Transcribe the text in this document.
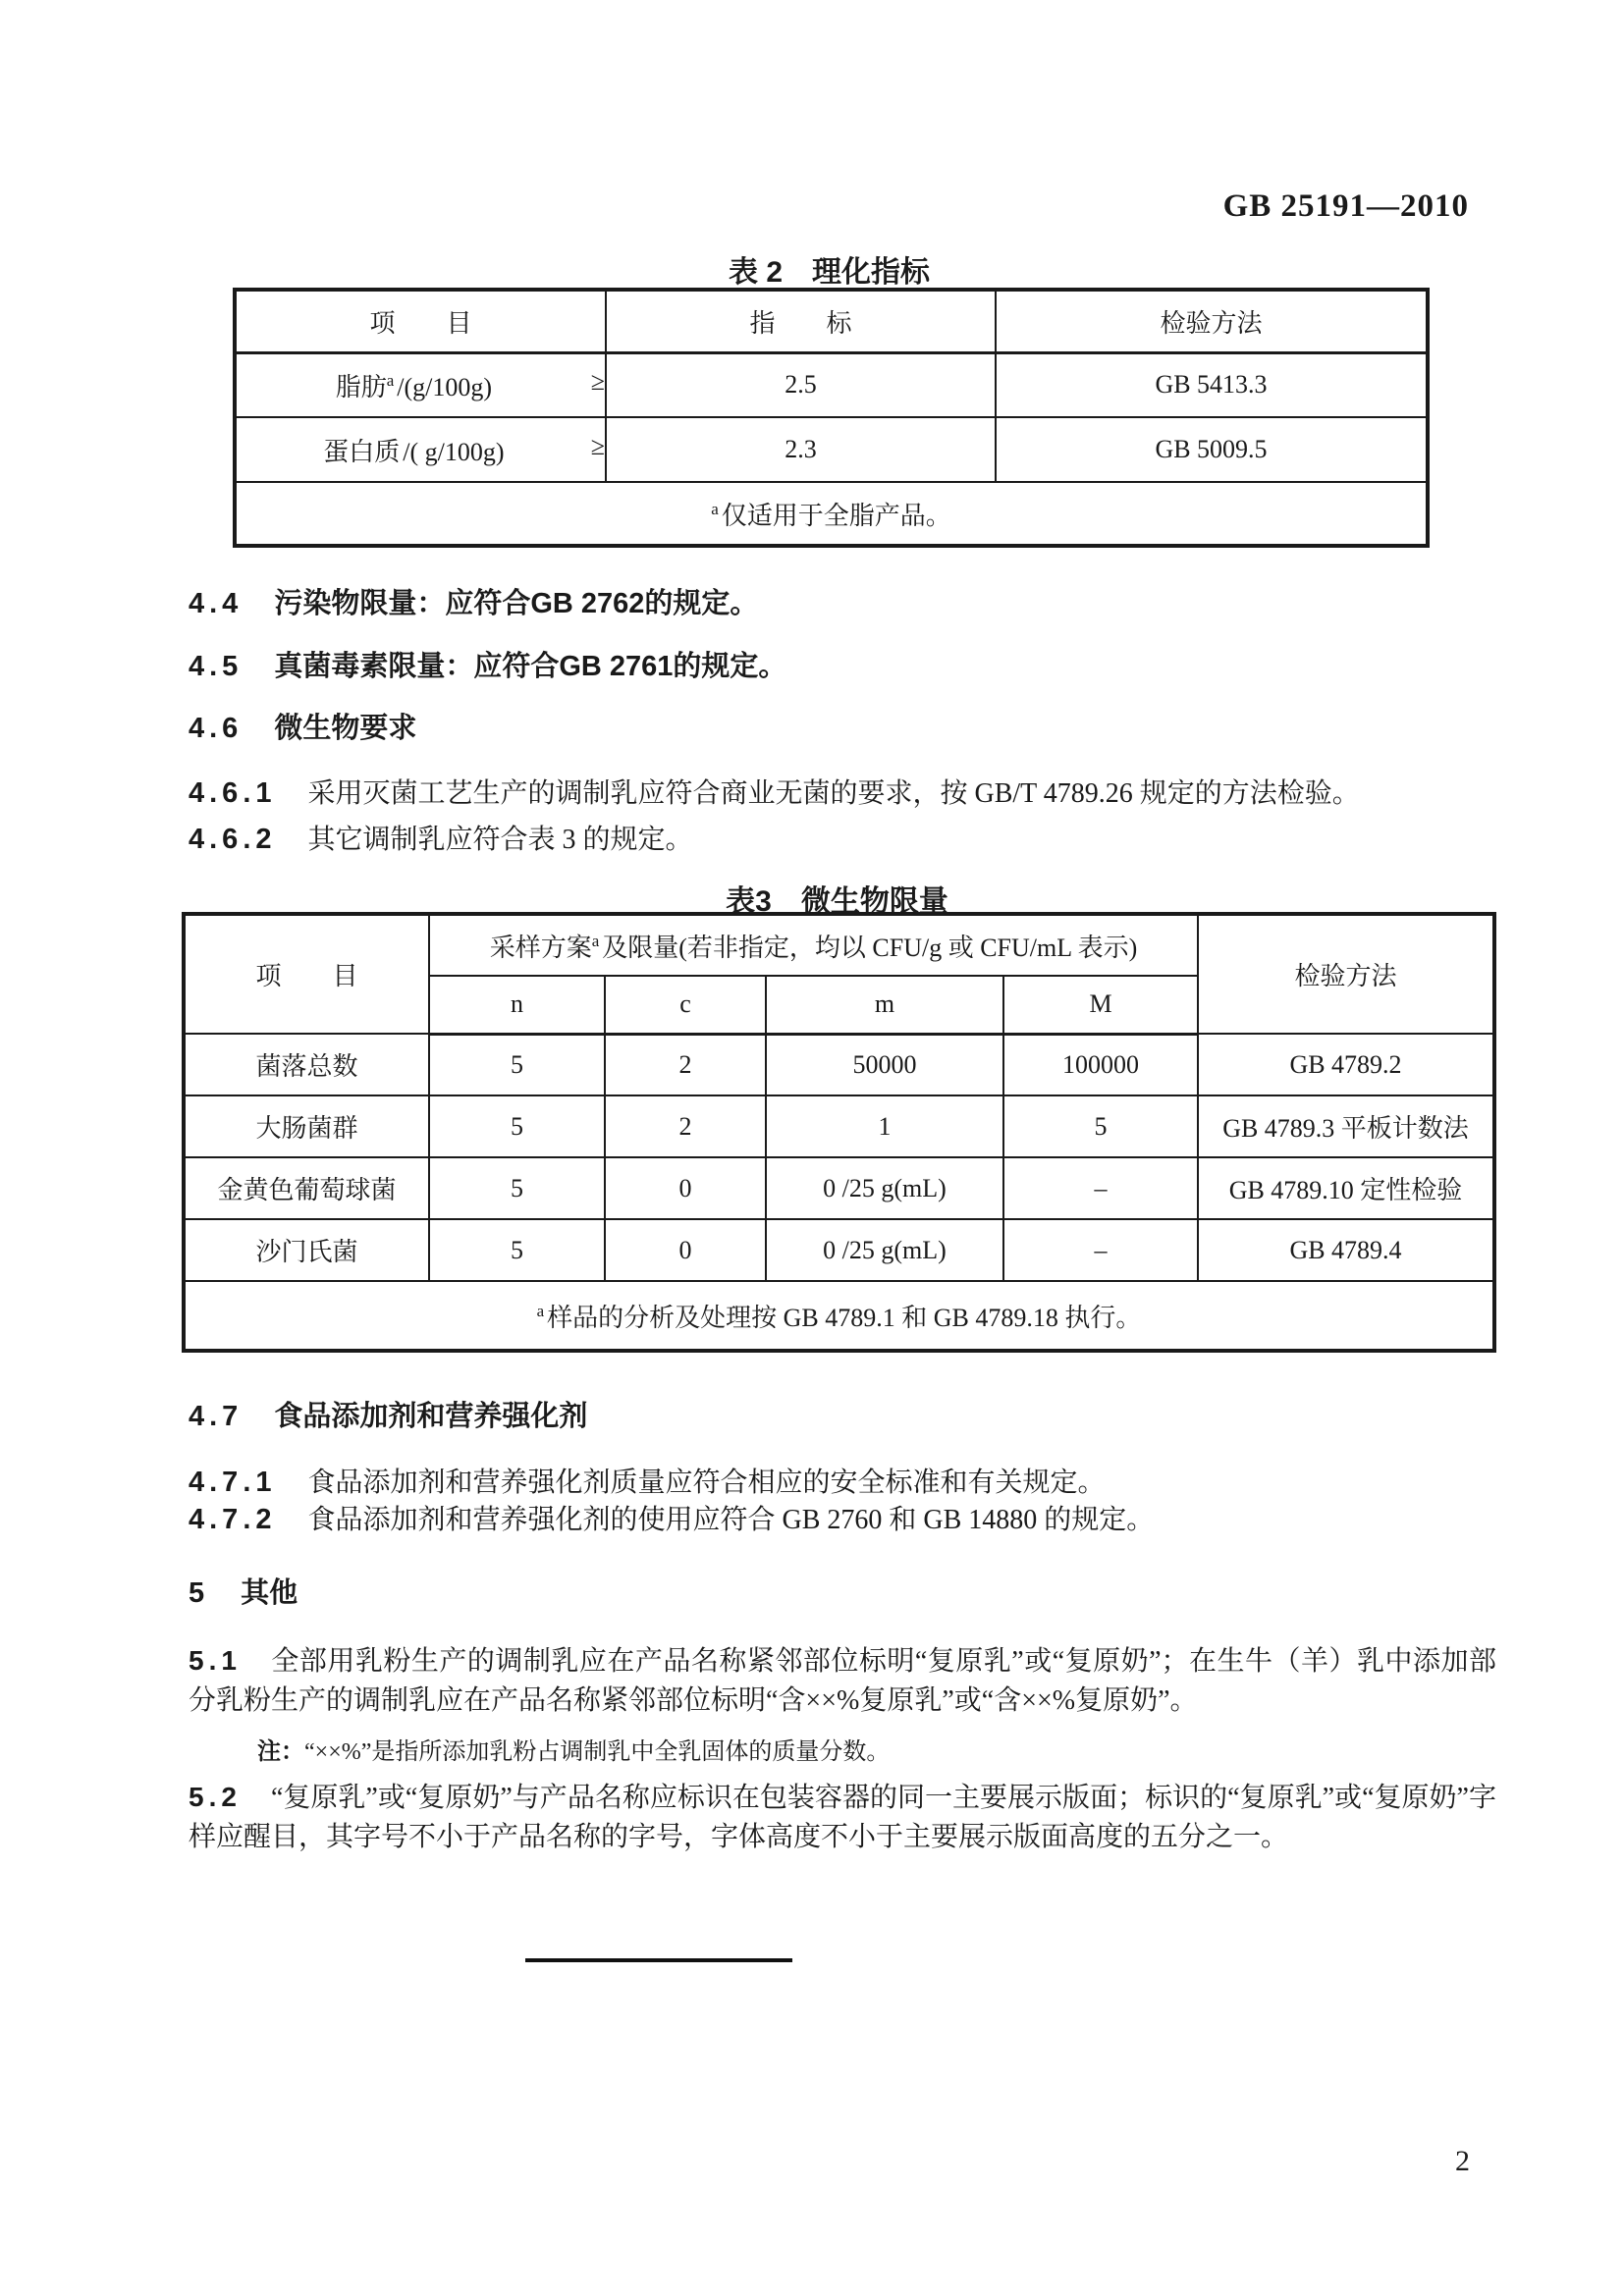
GB 25191—2010
表 2　理化指标
项　　目	指　　标	检验方法

≥
脂肪$^a$ /(g/100g)	2.5	GB 5413.3

≥
蛋白质 /( g/100g)	2.3	GB 5009.5
$^a$ 仅适用于全脂产品。		
4.4 污染物限量：应符合GB 2762的规定。
4.5 真菌毒素限量：应符合GB 2761的规定。
4.6 微生物要求
4.6.1 采用灭菌工艺生产的调制乳应符合商业无菌的要求，按 GB/T 4789.26 规定的方法检验。
4.6.2 其它调制乳应符合表 3 的规定。
表3　微生物限量
项　　目	采样方案$^a$ 及限量(若非指定，均以 CFU/g 或 CFU/mL 表示)				检验方法
	n	c	m	M	
菌落总数	5	2	50000	100000	GB 4789.2
大肠菌群	5	2	1	5	GB 4789.3 平板计数法
金黄色葡萄球菌	5	0	0 /25 g(mL)	–	GB 4789.10 定性检验
沙门氏菌	5	0	0 /25 g(mL)	–	GB 4789.4
$^a$ 样品的分析及处理按 GB 4789.1 和 GB 4789.18 执行。					
4.7 食品添加剂和营养强化剂
4.7.1 食品添加剂和营养强化剂质量应符合相应的安全标准和有关规定。
4.7.2 食品添加剂和营养强化剂的使用应符合 GB 2760 和 GB 14880 的规定。
5 其他
5.1 全部用乳粉生产的调制乳应在产品名称紧邻部位标明“复原乳”或“复原奶”；在生牛（羊）乳中添加部分乳粉生产的调制乳应在产品名称紧邻部位标明“含××%复原乳”或“含××%复原奶”。
注：“××%”是指所添加乳粉占调制乳中全乳固体的质量分数。
5.2 “复原乳”或“复原奶”与产品名称应标识在包装容器的同一主要展示版面；标识的“复原乳”或“复原奶”字样应醒目，其字号不小于产品名称的字号，字体高度不小于主要展示版面高度的五分之一。
2
